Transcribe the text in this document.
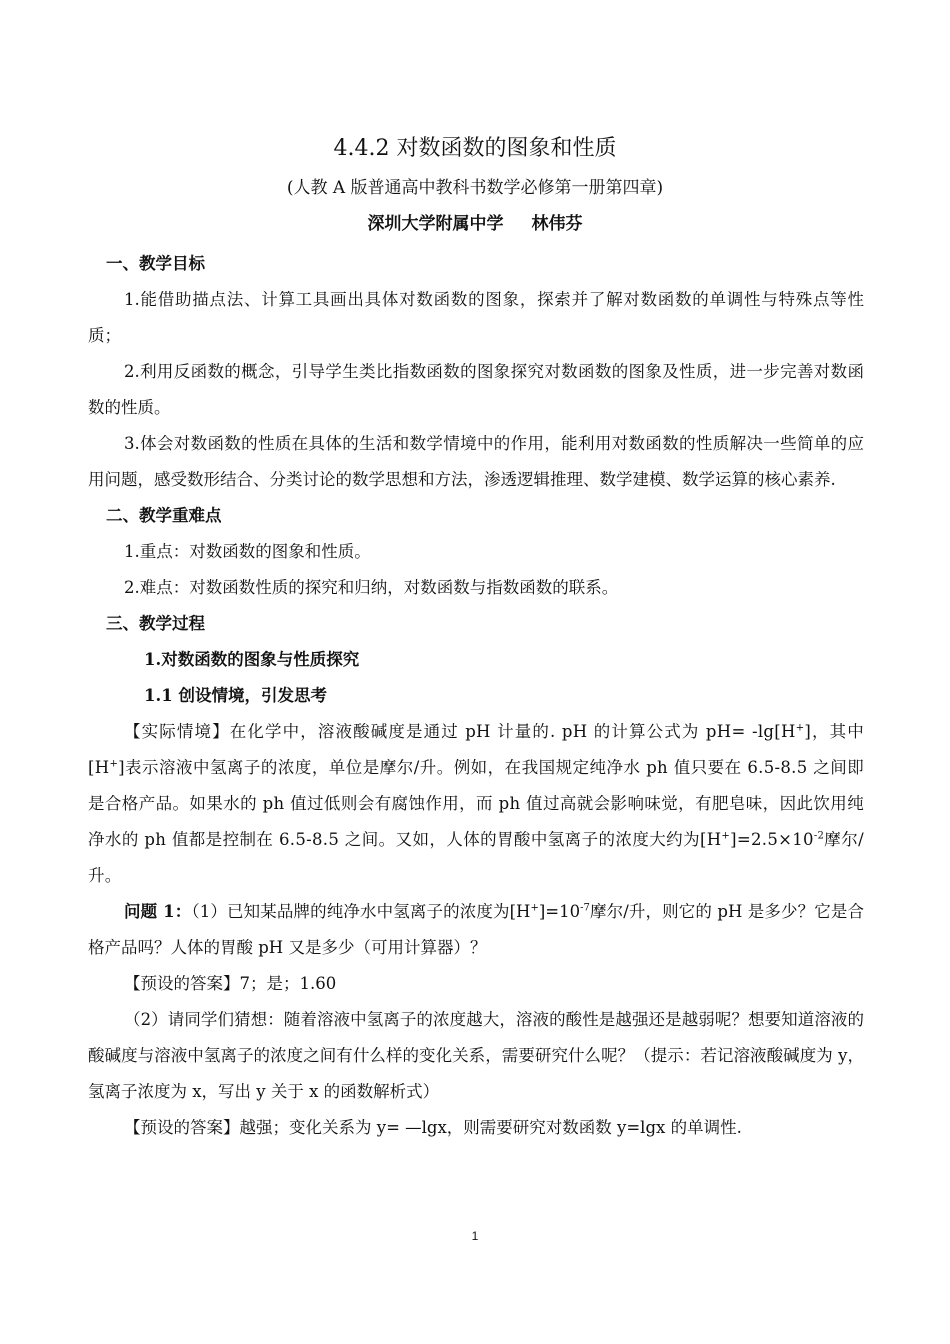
4.4.2 对数函数的图象和性质
(人教 A 版普通高中教科书数学必修第一册第四章)
深圳大学附属中学 林伟芬

一、教学目标

1.能借助描点法、计算工具画出具体对数函数的图象，探索并了解对数函数的单调性与特殊点等性质；

2.利用反函数的概念，引导学生类比指数函数的图象探究对数函数的图象及性质，进一步完善对数函数的性质。

3.体会对数函数的性质在具体的生活和数学情境中的作用，能利用对数函数的性质解决一些简单的应用问题，感受数形结合、分类讨论的数学思想和方法，渗透逻辑推理、数学建模、数学运算的核心素养.

二、教学重难点

1.重点：对数函数的图象和性质。

2.难点：对数函数性质的探究和归纳，对数函数与指数函数的联系。

三、教学过程

1.对数函数的图象与性质探究

1.1 创设情境，引发思考

【实际情境】在化学中，溶液酸碱度是通过 pH 计量的. pH 的计算公式为 pH= -lg[H+]，其中 [H+]表示溶液中氢离子的浓度，单位是摩尔/升。例如，在我国规定纯净水 ph 值只要在 6.5-8.5 之间即是合格产品。如果水的 ph 值过低则会有腐蚀作用，而 ph 值过高就会影响味觉，有肥皂味，因此饮用纯净水的 ph 值都是控制在 6.5-8.5 之间。又如，人体的胃酸中氢离子的浓度大约为$[H^+]=2.5\times 10^{-2}$摩尔/升。

问题 1：（1）已知某品牌的纯净水中氢离子的浓度为$[H^+]=10^{-7}$摩尔/升，则它的 pH 是多少？它是合格产品吗？人体的胃酸 pH 又是多少（可用计算器）？

【预设的答案】7；是；1.60

（2）请同学们猜想：随着溶液中氢离子的浓度越大，溶液的酸性是越强还是越弱呢？想要知道溶液的酸碱度与溶液中氢离子的浓度之间有什么样的变化关系，需要研究什么呢？（提示：若记溶液酸碱度为 y，氢离子浓度为 x，写出 y 关于 x 的函数解析式）

【预设的答案】越强；变化关系为 y= —lgx，则需要研究对数函数 y=lgx 的单调性.

1
